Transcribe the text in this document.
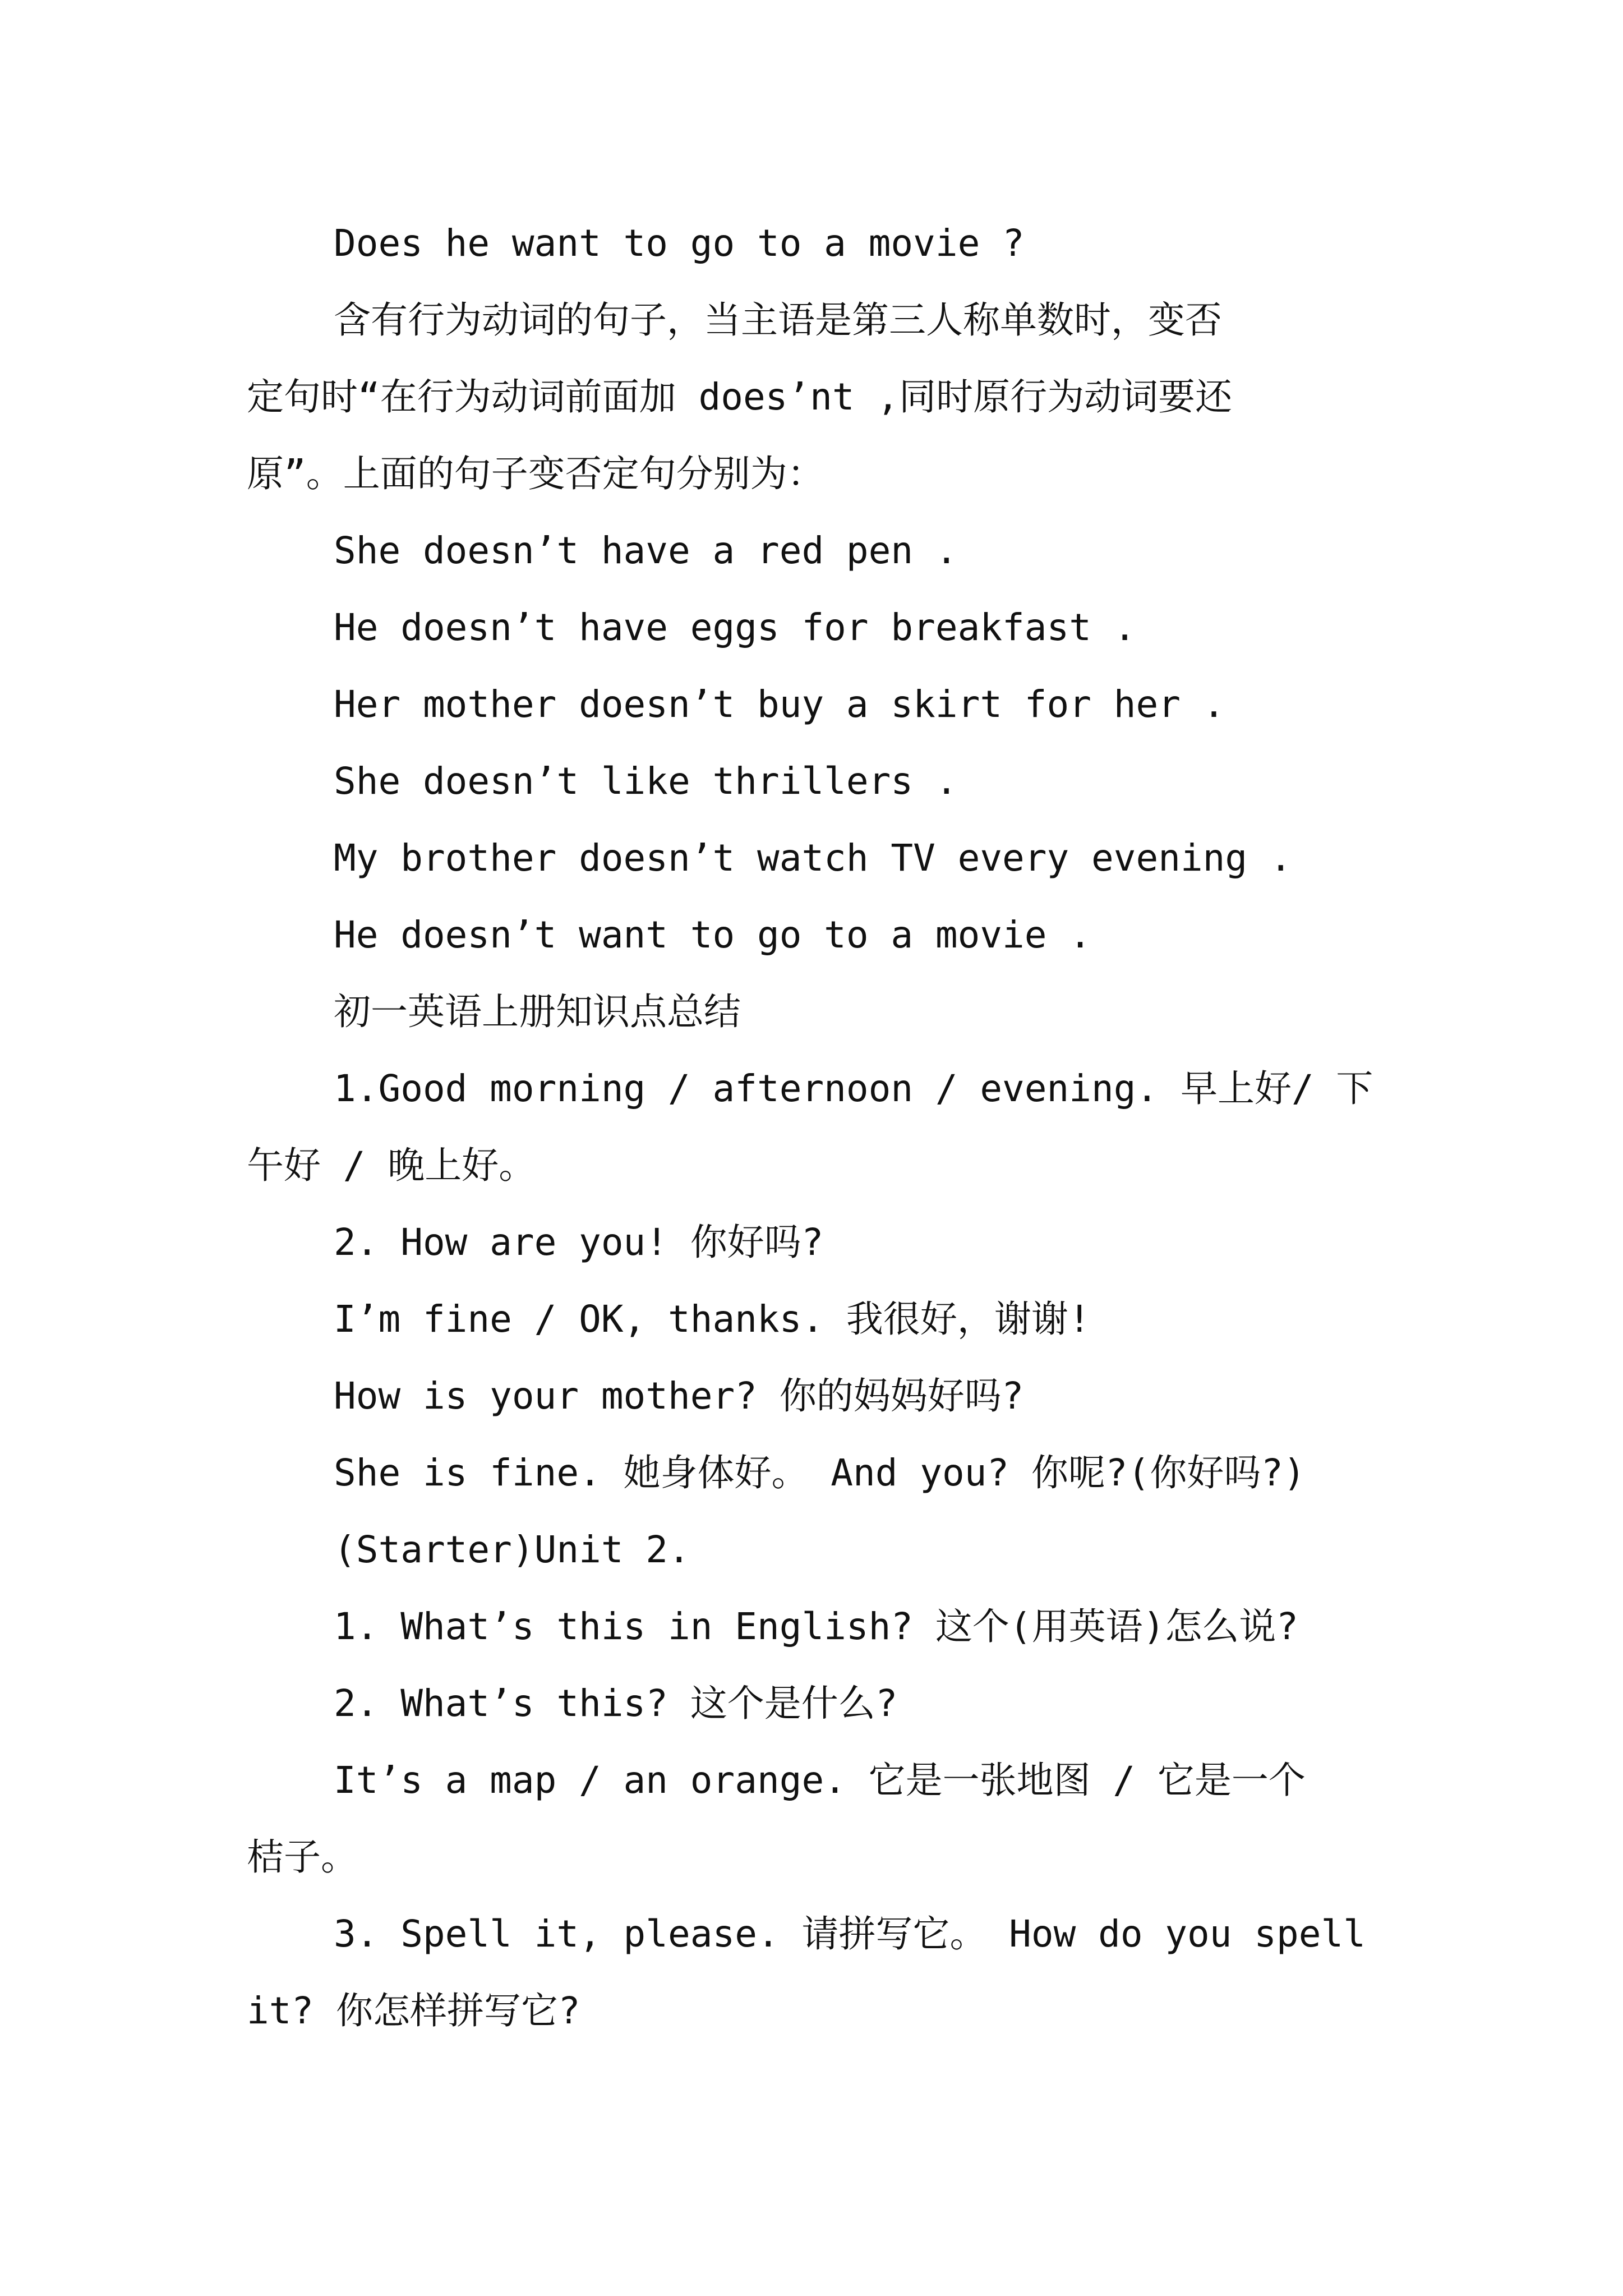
Does he want to go to a movie ?
含有行为动词的句子，当主语是第三人称单数时，变否
定句时“在行为动词前面加 does’nt ,同时原行为动词要还
原”。上面的句子变否定句分别为：
She doesn’t have a red pen .
He doesn’t have eggs for breakfast .
Her mother doesn’t buy a skirt for her .
She doesn’t like thrillers .
My brother doesn’t watch TV every evening .
He doesn’t want to go to a movie .
初一英语上册知识点总结
1.Good morning / afternoon / evening. 早上好/ 下
午好 / 晚上好。
2. How are you! 你好吗?
I’m fine / OK, thanks. 我很好，谢谢!
How is your mother? 你的妈妈好吗?
She is fine. 她身体好。 And you? 你呢?(你好吗?)
(Starter)Unit 2.
1. What’s this in English? 这个(用英语)怎么说?
2. What’s this? 这个是什么?
It’s a map / an orange. 它是一张地图 / 它是一个
桔子。
3. Spell it, please. 请拼写它。 How do you spell
it? 你怎样拼写它?
